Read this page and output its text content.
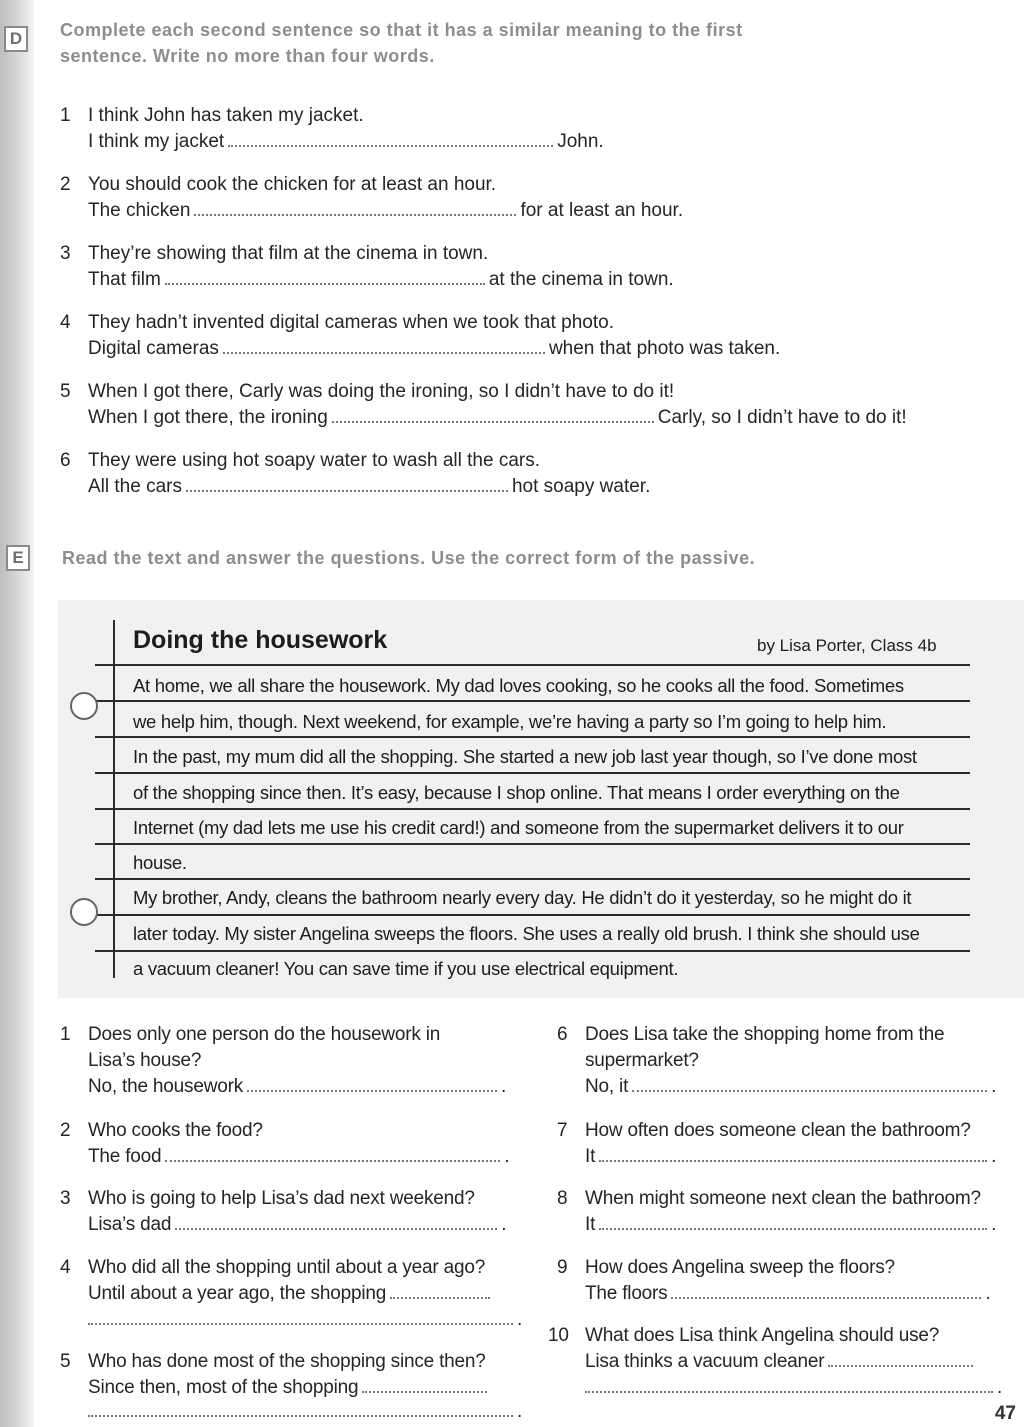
D	Complete each second sentence so that it has a similar meaning to the first
sentence. Write no more than four words.
1 I think John has taken my jacket.
I think my jacket	John.
2 You should cook the chicken for at least an hour.
The chicken	for at least an hour.
3 They’re showing that film at the cinema in town.
That film	at the cinema in town.
4 They hadn’t invented digital cameras when we took that photo.
Digital cameras	when that photo was taken.
5 When I got there, Carly was doing the ironing, so I didn’t have to do it!
When I got there, the ironing	Carly, so I didn’t have to do it!
6 They were using hot soapy water to wash all the cars.
All the cars	hot soapy water.
E	Read the text and answer the questions. Use the correct form of the passive.
Doing the housework	by Lisa Porter, Class 4b
At home, we all share the housework. My dad loves cooking, so he cooks all the food. Sometimes
we help him, though. Next weekend, for example, we’re having a party so I’m going to help him.
In the past, my mum did all the shopping. She started a new job last year though, so I’ve done most
of the shopping since then. It’s easy, because I shop online. That means I order everything on the
Internet (my dad lets me use his credit card!) and someone from the supermarket delivers it to our
house.
My brother, Andy, cleans the bathroom nearly every day. He didn’t do it yesterday, so he might do it
later today. My sister Angelina sweeps the floors. She uses a really old brush. I think she should use
a vacuum cleaner! You can save time if you use electrical equipment.
1 Does only one person do the housework in
Lisa’s house?
No, the housework	.
2 Who cooks the food?
The food	.
3 Who is going to help Lisa’s dad next weekend?
Lisa’s dad	.
4 Who did all the shopping until about a year ago?
Until about a year ago, the shopping
.
5 Who has done most of the shopping since then?
Since then, most of the shopping
.
6 Does Lisa take the shopping home from the
supermarket?
No, it	.
7 How often does someone clean the bathroom?
It	.
8 When might someone next clean the bathroom?
It	.
9 How does Angelina sweep the floors?
The floors	.
10 What does Lisa think Angelina should use?
Lisa thinks a vacuum cleaner
.
47
